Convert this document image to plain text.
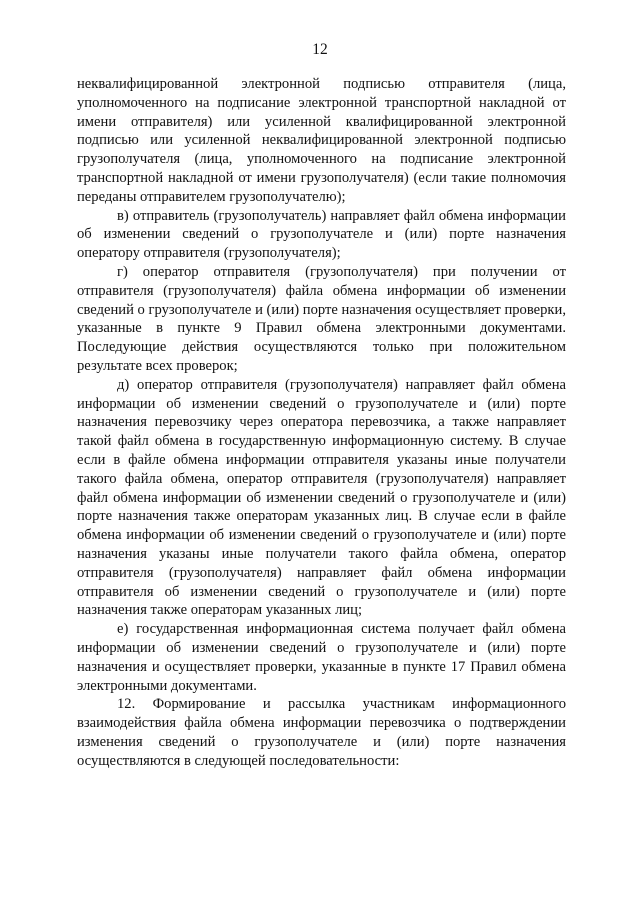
12

неквалифицированной электронной подписью отправителя (лица, уполномоченного на подписание электронной транспортной накладной от имени отправителя) или усиленной квалифицированной электронной подписью или усиленной неквалифицированной электронной подписью грузополучателя (лица, уполномоченного на подписание электронной транспортной накладной от имени грузополучателя) (если такие полномочия переданы отправителем грузополучателю);

в) отправитель (грузополучатель) направляет файл обмена информации об изменении сведений о грузополучателе и (или) порте назначения оператору отправителя (грузополучателя);

г) оператор отправителя (грузополучателя) при получении от отправителя (грузополучателя) файла обмена информации об изменении сведений о грузополучателе и (или) порте назначения осуществляет проверки, указанные в пункте 9 Правил обмена электронными документами. Последующие действия осуществляются только при положительном результате всех проверок;

д) оператор отправителя (грузополучателя) направляет файл обмена информации об изменении сведений о грузополучателе и (или) порте назначения перевозчику через оператора перевозчика, а также направляет такой файл обмена в государственную информационную систему. В случае если в файле обмена информации отправителя указаны иные получатели такого файла обмена, оператор отправителя (грузополучателя) направляет файл обмена информации об изменении сведений о грузополучателе и (или) порте назначения также операторам указанных лиц. В случае если в файле обмена информации об изменении сведений о грузополучателе и (или) порте назначения указаны иные получатели такого файла обмена, оператор отправителя (грузополучателя) направляет файл обмена информации отправителя об изменении сведений о грузополучателе и (или) порте назначения также операторам указанных лиц;

е) государственная информационная система получает файл обмена информации об изменении сведений о грузополучателе и (или) порте назначения и осуществляет проверки, указанные в пункте 17 Правил обмена электронными документами.

12. Формирование и рассылка участникам информационного взаимодействия файла обмена информации перевозчика о подтверждении изменения сведений о грузополучателе и (или) порте назначения осуществляются в следующей последовательности:
